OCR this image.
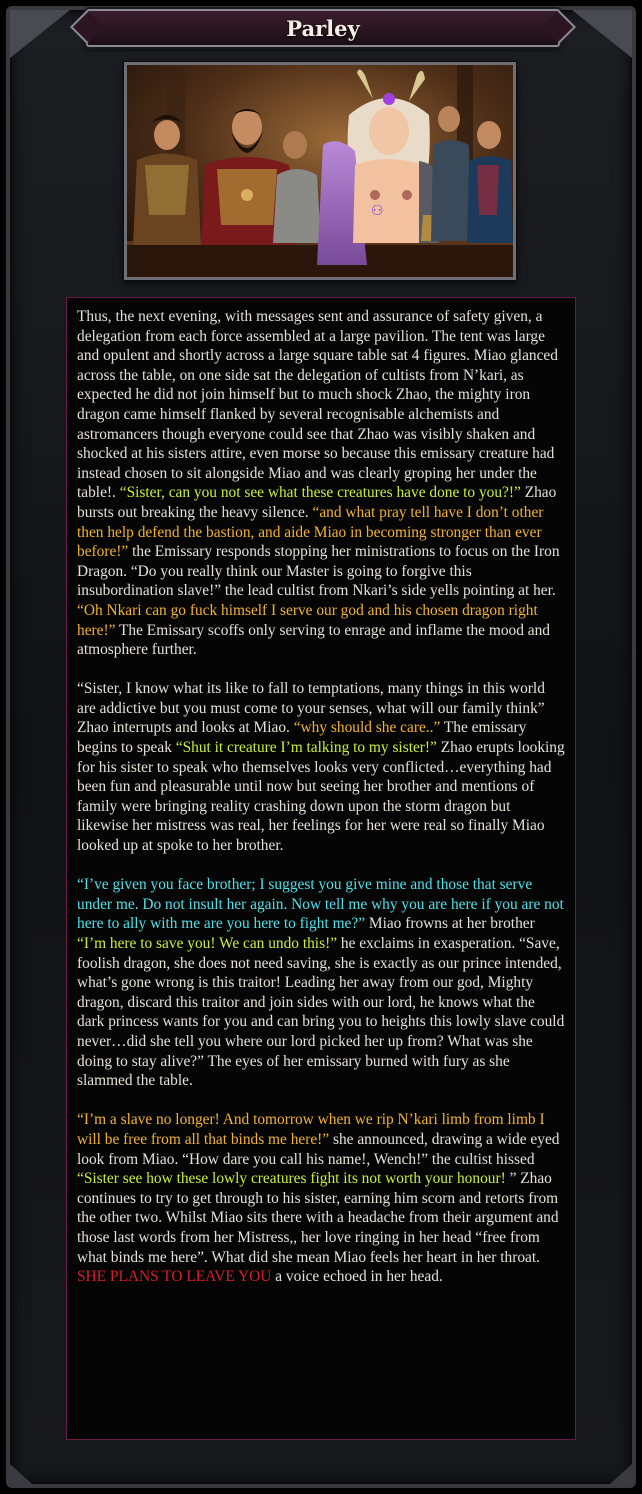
Parley
⚇

Thus, the next evening, with messages sent and assurance of safety given, a delegation from each force assembled at a large pavilion. The tent was large and opulent and shortly across a large square table sat 4 figures. Miao glanced across the table, on one side sat the delegation of cultists from N’kari, as expected he did not join himself but to much shock Zhao, the mighty iron dragon came himself flanked by several recognisable alchemists and astromancers though everyone could see that Zhao was visibly shaken and shocked at his sisters attire, even morse so because this emissary creature had instead chosen to sit alongside Miao and was clearly groping her under the table!. “Sister, can you not see what these creatures have done to you?!” Zhao bursts out breaking the heavy silence. “and what pray tell have I don’t other then help defend the bastion, and aide Miao in becoming stronger than ever before!” the Emissary responds stopping her ministrations to focus on the Iron Dragon. “Do you really think our Master is going to forgive this insubordination slave!” the lead cultist from Nkari’s side yells pointing at her. “Oh Nkari can go fuck himself I serve our god and his chosen dragon right here!” The Emissary scoffs only serving to enrage and inflame the mood and atmosphere further.

“Sister, I know what its like to fall to temptations, many things in this world are addictive but you must come to your senses, what will our family think” Zhao interrupts and looks at Miao. “why should she care..” The emissary begins to speak “Shut it creature I’m talking to my sister!” Zhao erupts looking for his sister to speak who themselves looks very conflicted…everything had been fun and pleasurable until now but seeing her brother and mentions of family were bringing reality crashing down upon the storm dragon but likewise her mistress was real, her feelings for her were real so finally Miao looked up at spoke to her brother.

“I’ve given you face brother; I suggest you give mine and those that serve under me. Do not insult her again. Now tell me why you are here if you are not here to ally with me are you here to fight me?” Miao frowns at her brother “I’m here to save you! We can undo this!” he exclaims in exasperation. “Save, foolish dragon, she does not need saving, she is exactly as our prince intended, what’s gone wrong is this traitor! Leading her away from our god, Mighty dragon, discard this traitor and join sides with our lord, he knows what the dark princess wants for you and can bring you to heights this lowly slave could never…did she tell you where our lord picked her up from? What was she doing to stay alive?” The eyes of her emissary burned with fury as she slammed the table.

“I’m a slave no longer! And tomorrow when we rip N’kari limb from limb I will be free from all that binds me here!” she announced, drawing a wide eyed look from Miao. “How dare you call his name!, Wench!” the cultist hissed “Sister see how these lowly creatures fight its not worth your honour! ” Zhao continues to try to get through to his sister, earning him scorn and retorts from the other two. Whilst Miao sits there with a headache from their argument and those last words from her Mistress,, her love ringing in her head “free from what binds me here”. What did she mean Miao feels her heart in her throat. SHE PLANS TO LEAVE YOU a voice echoed in her head.
